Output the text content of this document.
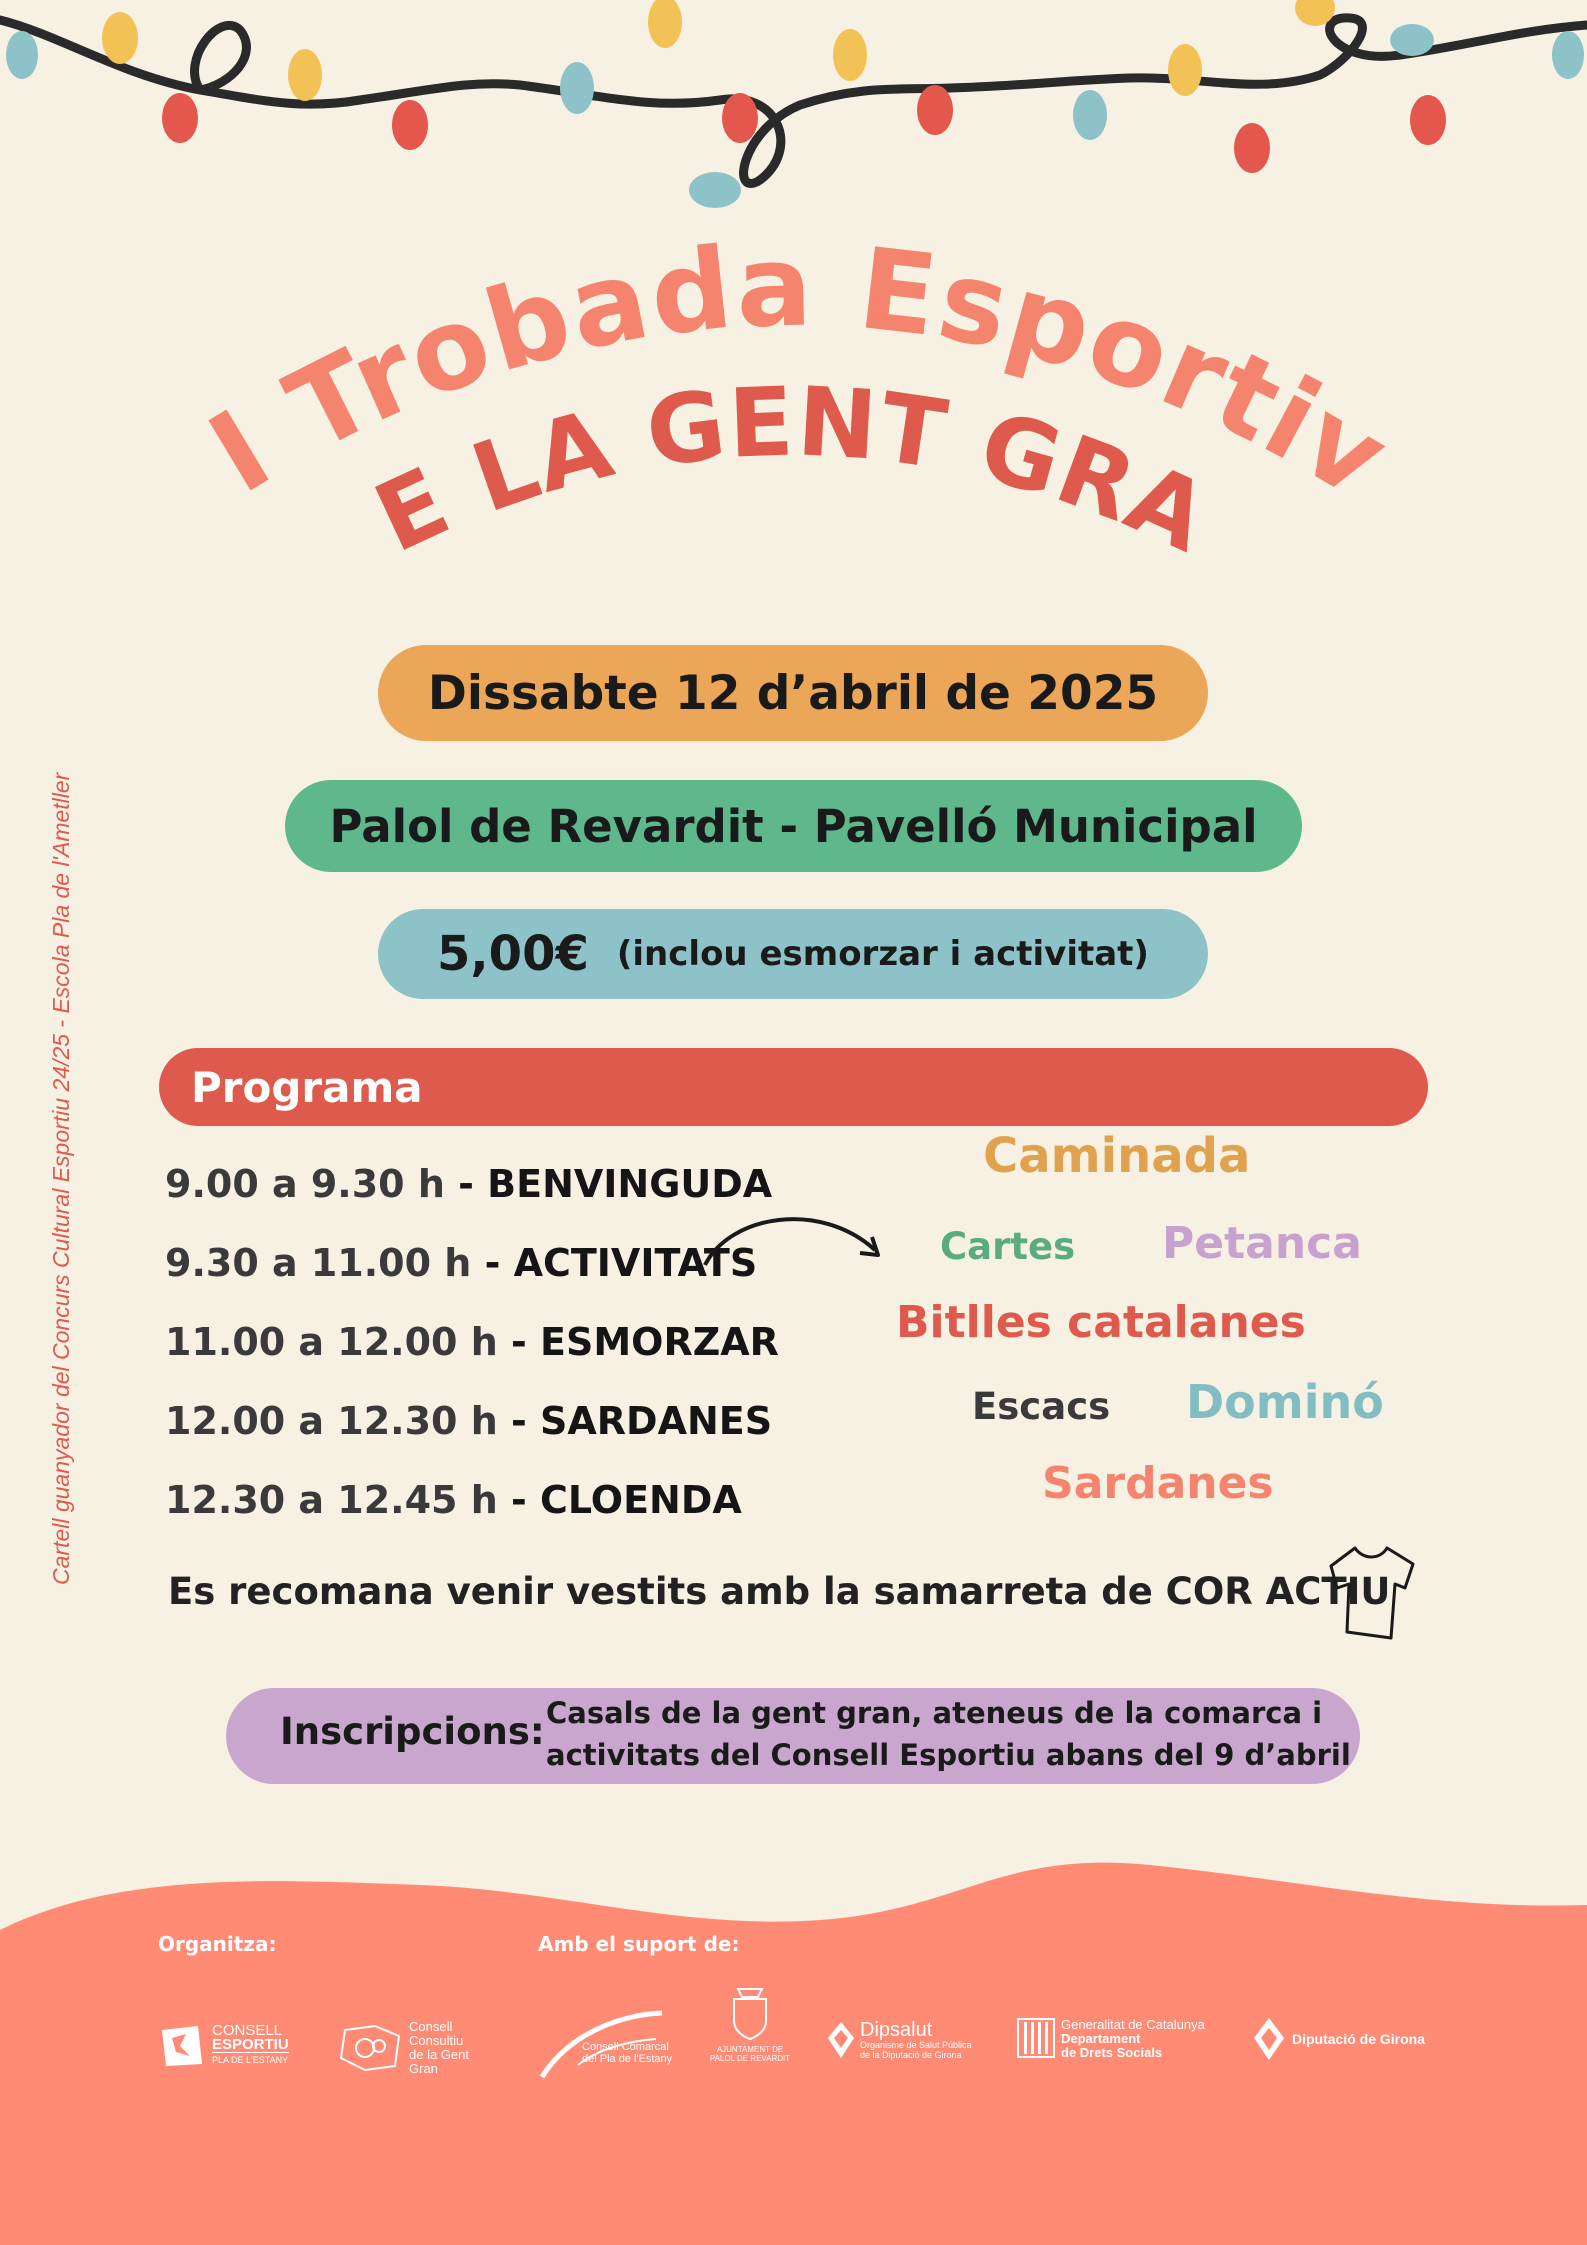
I Trobada Esportiv
E LA GENT GRA
Cartell guanyador del Concurs Cultural Esportiu 24/25 - Escola Pla de l'Ametller
Dissabte 12 d’abril de 2025
Palol de Revardit - Pavelló Municipal
5,00€ (inclou esmorzar i activitat)
Programa
9.00 a 9.30 h - BENVINGUDA
9.30 a 11.00 h - ACTIVITATS
11.00 a 12.00 h - ESMORZAR
12.00 a 12.30 h - SARDANES
12.30 a 12.45 h - CLOENDA
Caminada
Cartes Petanca
Bitlles catalanes
Escacs Dominó
Sardanes
Es recomana venir vestits amb la samarreta de COR ACTIU
Inscripcions: Casals de la gent gran, ateneus de la comarca i
activitats del Consell Esportiu abans del 9 d’abril
Organitza:	Amb el suport de:
CONSELL
ESPORTIU
PLA DE L'ESTANY
Consell
Consultiu
de la Gent
Gran
Consell Comarcal
del Pla de l'Estany
AJUNTAMENT DE
PALOL DE REVARDIT
Dipsalut
Organisme de Salut Pública
de la Diputació de Girona
Generalitat de Catalunya
Departament
de Drets Socials
Diputació de Girona
